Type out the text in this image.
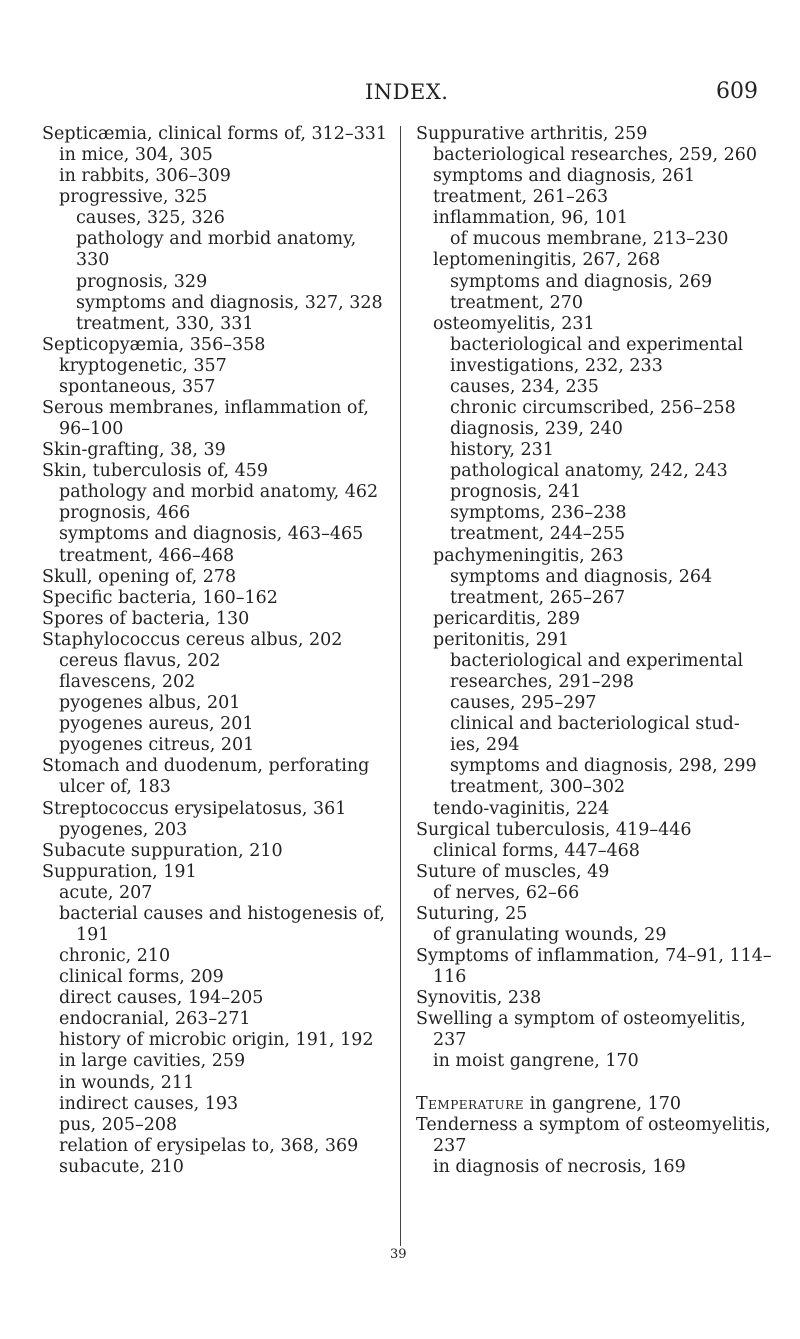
INDEX.	609
Septicæmia, clinical forms of, 312–331
in mice, 304, 305
in rabbits, 306–309
progressive, 325
causes, 325, 326
pathology and morbid anatomy,
330
prognosis, 329
symptoms and diagnosis, 327, 328
treatment, 330, 331
Septicopyæmia, 356–358
kryptogenetic, 357
spontaneous, 357
Serous membranes, inflammation of,
96–100
Skin-grafting, 38, 39
Skin, tuberculosis of, 459
pathology and morbid anatomy, 462
prognosis, 466
symptoms and diagnosis, 463–465
treatment, 466–468
Skull, opening of, 278
Specific bacteria, 160–162
Spores of bacteria, 130
Staphylococcus cereus albus, 202
cereus flavus, 202
flavescens, 202
pyogenes albus, 201
pyogenes aureus, 201
pyogenes citreus, 201
Stomach and duodenum, perforating
ulcer of, 183
Streptococcus erysipelatosus, 361
pyogenes, 203
Subacute suppuration, 210
Suppuration, 191
acute, 207
bacterial causes and histogenesis of,
191
chronic, 210
clinical forms, 209
direct causes, 194–205
endocranial, 263–271
history of microbic origin, 191, 192
in large cavities, 259
in wounds, 211
indirect causes, 193
pus, 205–208
relation of erysipelas to, 368, 369
subacute, 210
Suppurative arthritis, 259
bacteriological researches, 259, 260
symptoms and diagnosis, 261
treatment, 261–263
inflammation, 96, 101
of mucous membrane, 213–230
leptomeningitis, 267, 268
symptoms and diagnosis, 269
treatment, 270
osteomyelitis, 231
bacteriological and experimental
investigations, 232, 233
causes, 234, 235
chronic circumscribed, 256–258
diagnosis, 239, 240
history, 231
pathological anatomy, 242, 243
prognosis, 241
symptoms, 236–238
treatment, 244–255
pachymeningitis, 263
symptoms and diagnosis, 264
treatment, 265–267
pericarditis, 289
peritonitis, 291
bacteriological and experimental
researches, 291–298
causes, 295–297
clinical and bacteriological stud-
ies, 294
symptoms and diagnosis, 298, 299
treatment, 300–302
tendo-vaginitis, 224
Surgical tuberculosis, 419–446
clinical forms, 447–468
Suture of muscles, 49
of nerves, 62–66
Suturing, 25
of granulating wounds, 29
Symptoms of inflammation, 74–91, 114–
116
Synovitis, 238
Swelling a symptom of osteomyelitis,
237
in moist gangrene, 170
Temperature in gangrene, 170
Tenderness a symptom of osteomyelitis,
237
in diagnosis of necrosis, 169
39
